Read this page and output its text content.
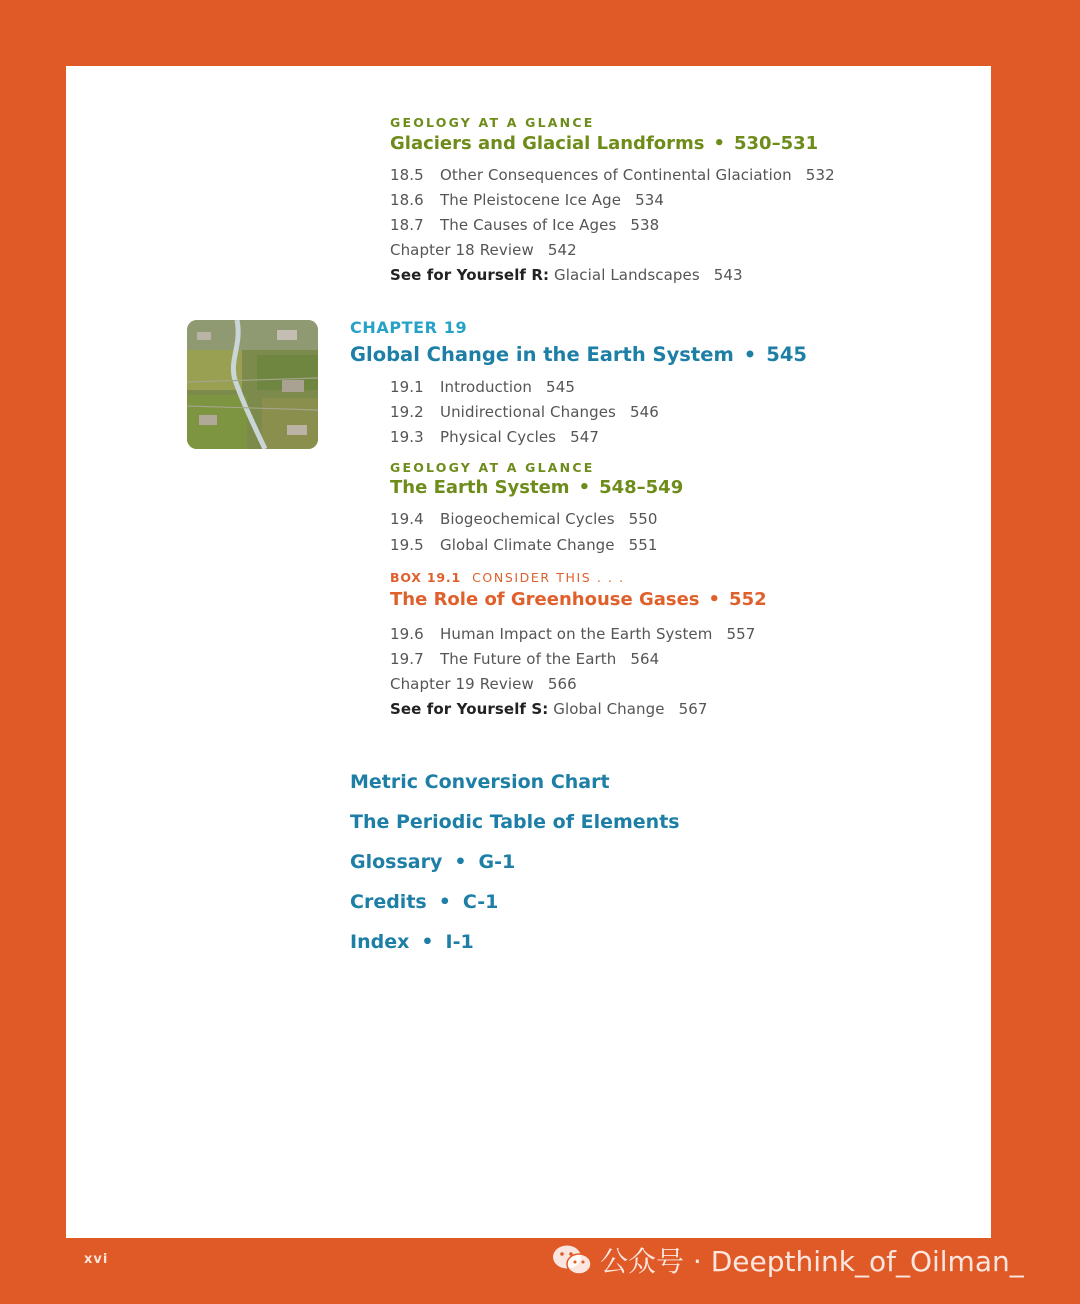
GEOLOGY AT A GLANCE
Glaciers and Glacial Landforms • 530–531
18.5 Other Consequences of Continental Glaciation 532
18.6 The Pleistocene Ice Age 534
18.7 The Causes of Ice Ages 538
Chapter 18 Review 542
See for Yourself R: Glacial Landscapes 543
CHAPTER 19
Global Change in the Earth System • 545
19.1 Introduction 545
19.2 Unidirectional Changes 546
19.3 Physical Cycles 547
GEOLOGY AT A GLANCE
The Earth System • 548–549
19.4 Biogeochemical Cycles 550
19.5 Global Climate Change 551
BOX 19.1 CONSIDER THIS . . .
The Role of Greenhouse Gases • 552
19.6 Human Impact on the Earth System 557
19.7 The Future of the Earth 564
Chapter 19 Review 566
See for Yourself S: Global Change 567
Metric Conversion Chart
The Periodic Table of Elements
Glossary • G-1
Credits • C-1
Index • I-1
xvi	公众号 · Deepthink_of_Oilman_
